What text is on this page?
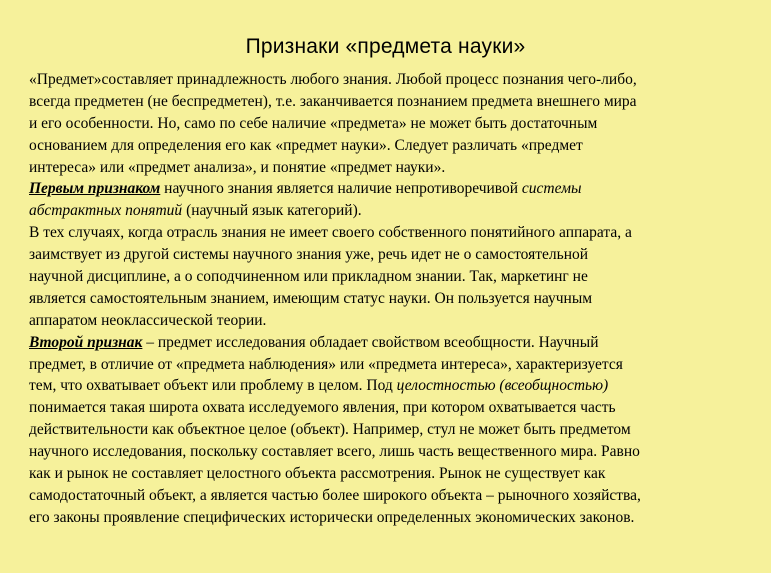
Признаки «предмета науки»
«Предмет»составляет принадлежность любого знания. Любой процесс познания чего-либо,
всегда предметен (не беспредметен), т.е. заканчивается познанием предмета внешнего мира
и его особенности. Но, само по себе наличие «предмета» не может быть достаточным
основанием для определения его как «предмет науки». Следует различать «предмет
интереса» или «предмет анализа», и понятие «предмет науки».
Первым признаком научного знания является наличие непротиворечивой системы
абстрактных понятий (научный язык категорий).
В тех случаях, когда отрасль знания не имеет своего собственного понятийного аппарата, а
заимствует из другой системы научного знания уже, речь идет не о самостоятельной
научной дисциплине, а о соподчиненном или прикладном знании. Так, маркетинг не
является самостоятельным знанием, имеющим статус науки. Он пользуется научным
аппаратом неоклассической теории.
Второй признак – предмет исследования обладает свойством всеобщности. Научный
предмет, в отличие от «предмета наблюдения» или «предмета интереса», характеризуется
тем, что охватывает объект или проблему в целом. Под целостностью (всеобщностью)
понимается такая широта охвата исследуемого явления, при котором охватывается часть
действительности как объектное целое (объект). Например, стул не может быть предметом
научного исследования, поскольку составляет всего, лишь часть вещественного мира. Равно
как и рынок не составляет целостного объекта рассмотрения. Рынок не существует как
самодостаточный объект, а является частью более широкого объекта – рыночного хозяйства,
его законы проявление специфических исторически определенных экономических законов.
